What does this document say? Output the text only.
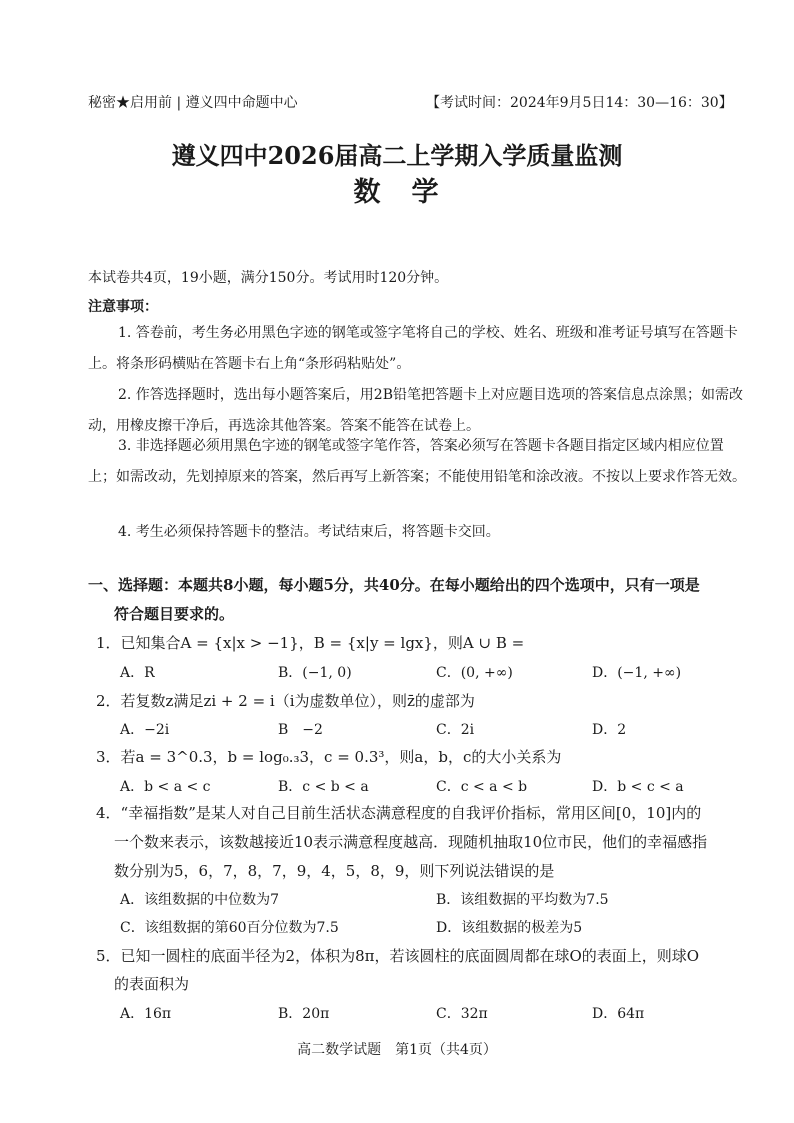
秘密★启用前 | 遵义四中命题中心	【考试时间：2024年9月5日14：30—16：30】
遵义四中2026届高二上学期入学质量监测
数　学
本试卷共4页，19小题，满分150分。考试用时120分钟。
注意事项：
1. 答卷前，考生务必用黑色字迹的钢笔或签字笔将自己的学校、姓名、班级和准考证号填写在答题卡上。将条形码横贴在答题卡右上角“条形码粘贴处”。
2. 作答选择题时，选出每小题答案后，用2B铅笔把答题卡上对应题目选项的答案信息点涂黑；如需改动，用橡皮擦干净后，再选涂其他答案。答案不能答在试卷上。
3. 非选择题必须用黑色字迹的钢笔或签字笔作答，答案必须写在答题卡各题目指定区域内相应位置上；如需改动，先划掉原来的答案，然后再写上新答案；不能使用铅笔和涂改液。不按以上要求作答无效。
4. 考生必须保持答题卡的整洁。考试结束后，将答题卡交回。
一、选择题：本题共8小题，每小题5分，共40分。在每小题给出的四个选项中，只有一项是
符合题目要求的。
1．已知集合A = {x|x > −1}，B = {x|y = lgx}，则A ∪ B =
A．R	B．(−1, 0)	C．(0, +∞)	D．(−1, +∞)
2．若复数z满足zi + 2 = i（i为虚数单位），则z̄的虚部为
A．−2i	B　−2	C．2i	D．2
3．若a = 3^0.3，b = log₀.₃3，c = 0.3³，则a，b，c的大小关系为
A．b < a < c	B．c < b < a	C．c < a < b	D．b < c < a
4．“幸福指数”是某人对自己目前生活状态满意程度的自我评价指标，常用区间[0，10]内的
一个数来表示，该数越接近10表示满意程度越高．现随机抽取10位市民，他们的幸福感指
数分别为5，6，7，8，7，9，4，5，8，9，则下列说法错误的是
A．该组数据的中位数为7	B．该组数据的平均数为7.5
C．该组数据的第60百分位数为7.5	D．该组数据的极差为5
5．已知一圆柱的底面半径为2，体积为8π，若该圆柱的底面圆周都在球O的表面上，则球O
的表面积为
A．16π	B．20π	C．32π	D．64π
高二数学试题　第1页（共4页）
